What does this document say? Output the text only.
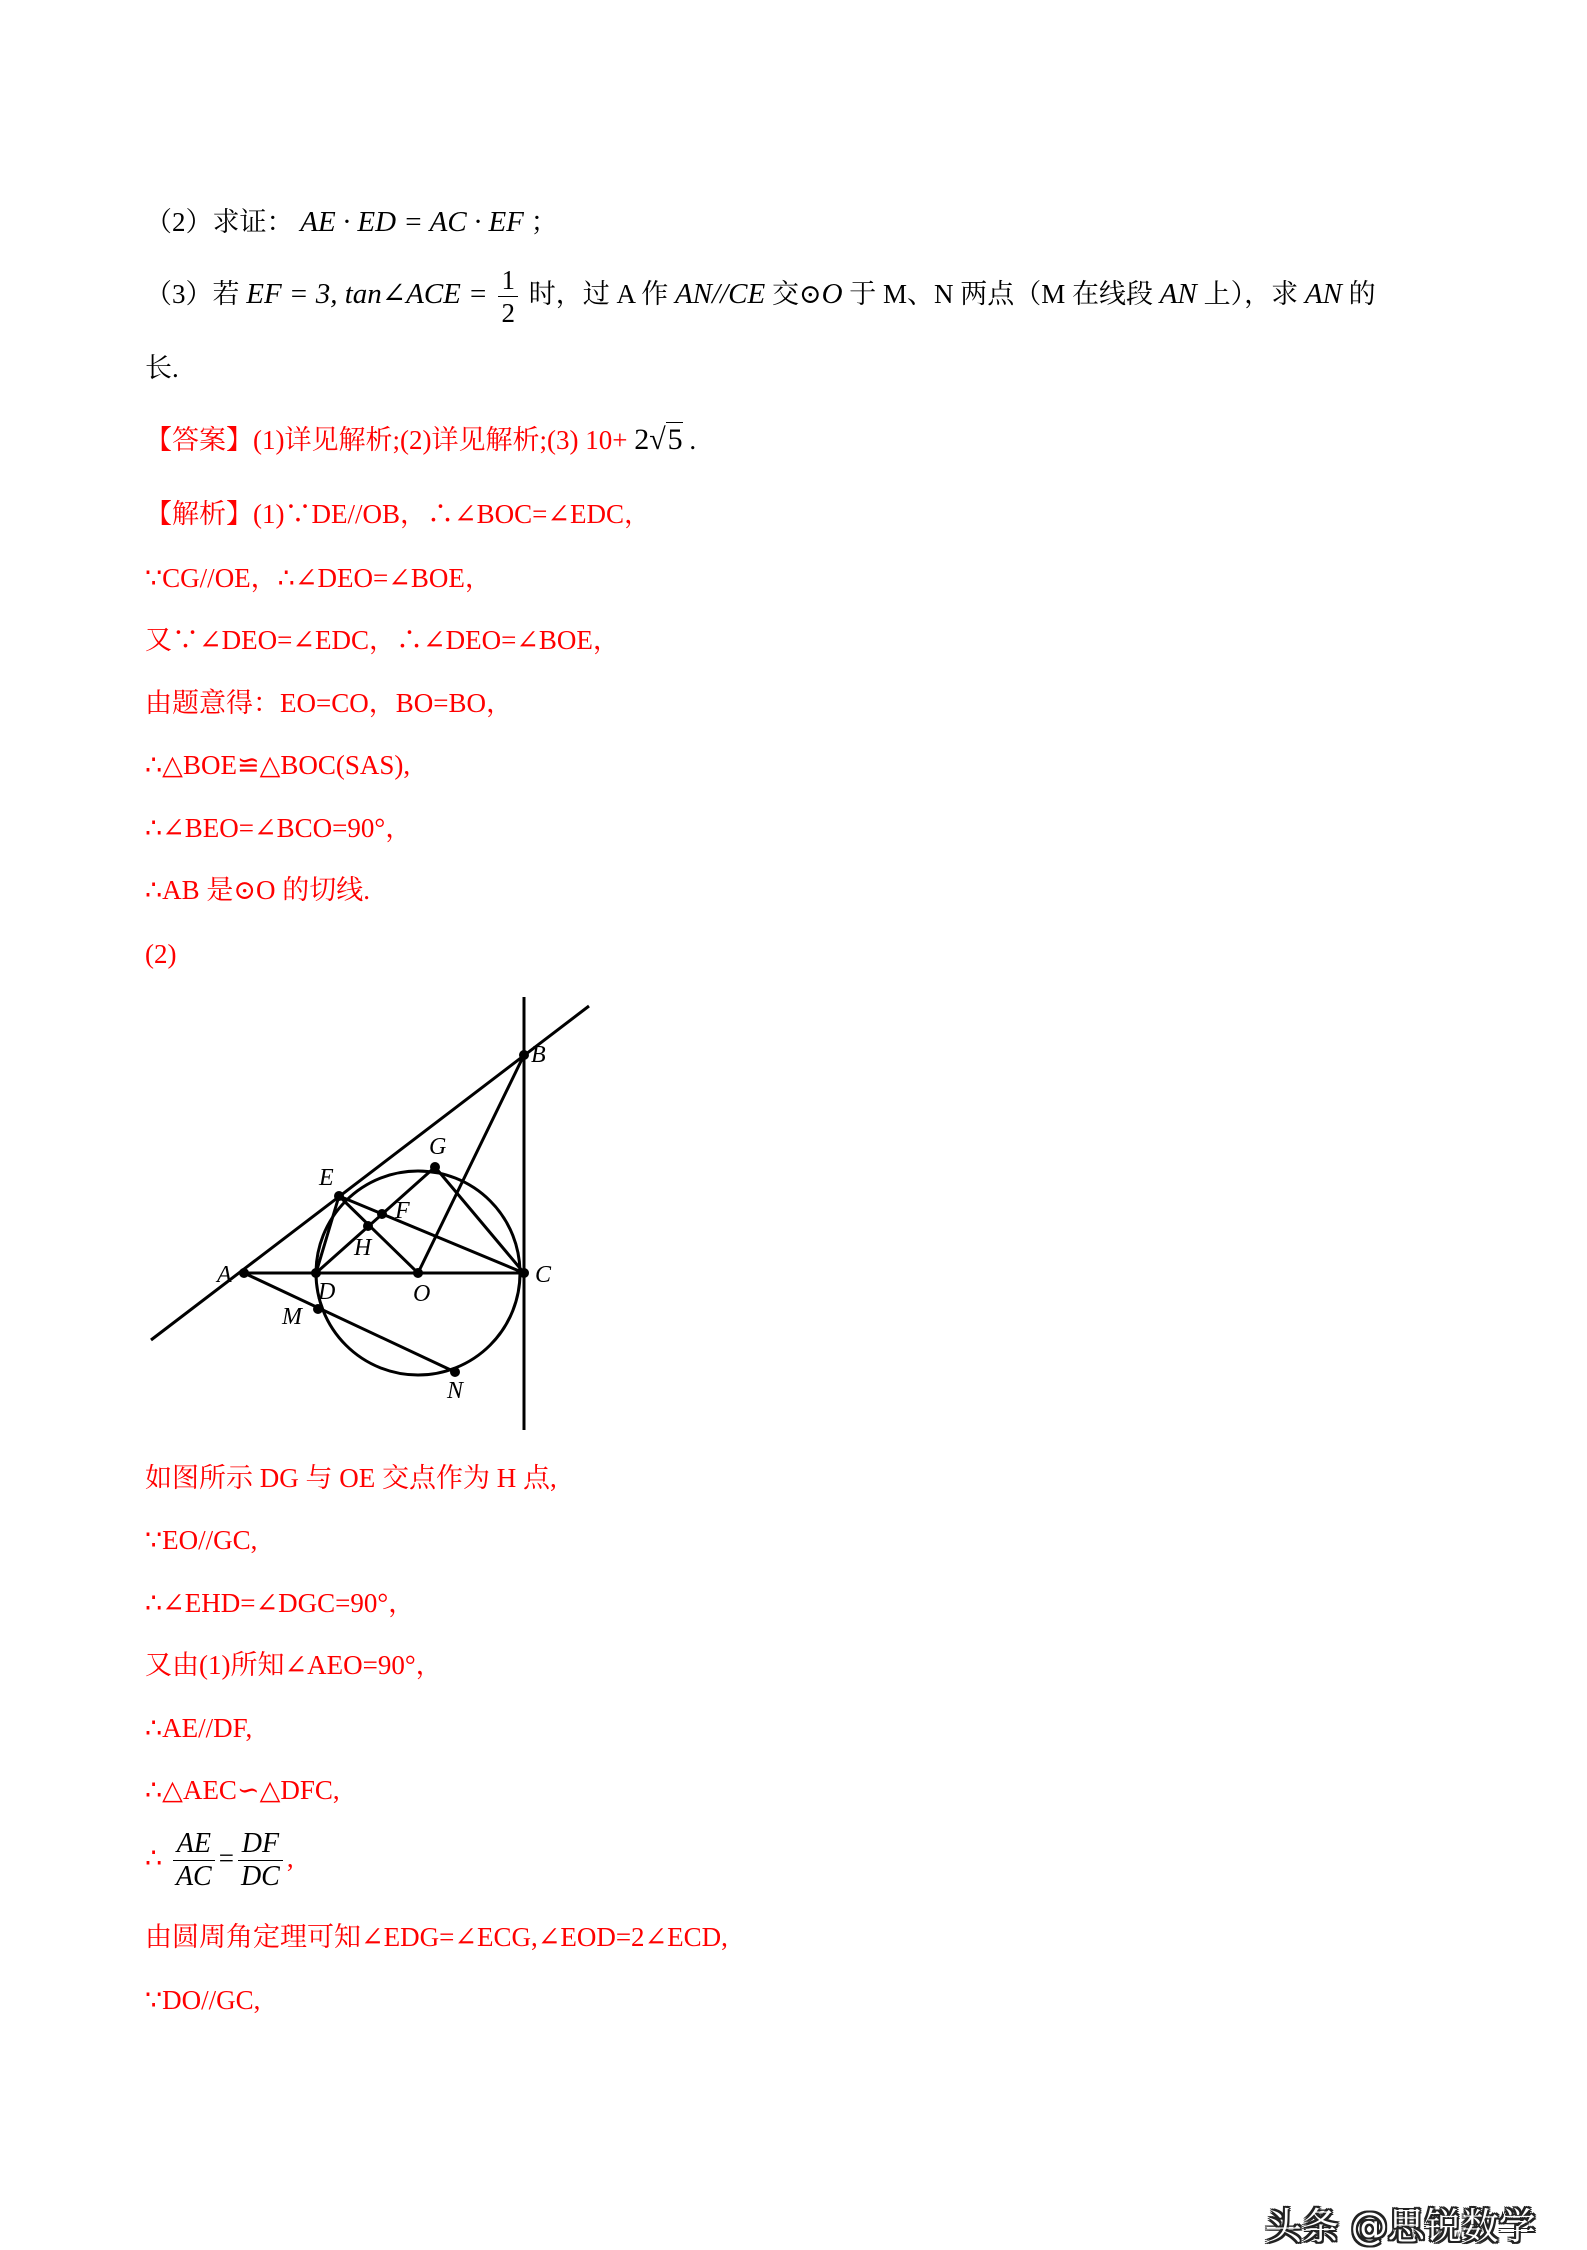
（2）求证： AE · ED = AC · EF ；
（3）若 EF = 3, tan∠ACE = $\frac{1}{2}$ 时，过 A 作 AN//CE 交⊙O 于 M、N 两点（M 在线段 AN 上），求 AN 的
长.
【答案】(1)详见解析;(2)详见解析;(3) 10+ 2√5 .
【解析】(1)∵DE//OB，∴∠BOC=∠EDC，
∵CG//OE，∴∠DEO=∠BOE，
又∵∠DEO=∠EDC，∴∠DEO=∠BOE，
由题意得：EO=CO，BO=BO，
∴△BOE≌△BOC(SAS),
∴∠BEO=∠BCO=90°，
∴AB 是⊙O 的切线.
(2)
A
B
C
D
E
F
G
H
O
M
N
如图所示 DG 与 OE 交点作为 H 点,
∵EO//GC,
∴∠EHD=∠DGC=90°，
又由(1)所知∠AEO=90°，
∴AE//DF,
∴△AEC∽△DFC,
∴ $\frac{AE}{AC} = \frac{DF}{DC}$ ,
由圆周角定理可知∠EDG=∠ECG,∠EOD=2∠ECD,
∵DO//GC,
头条 @思锐数学
